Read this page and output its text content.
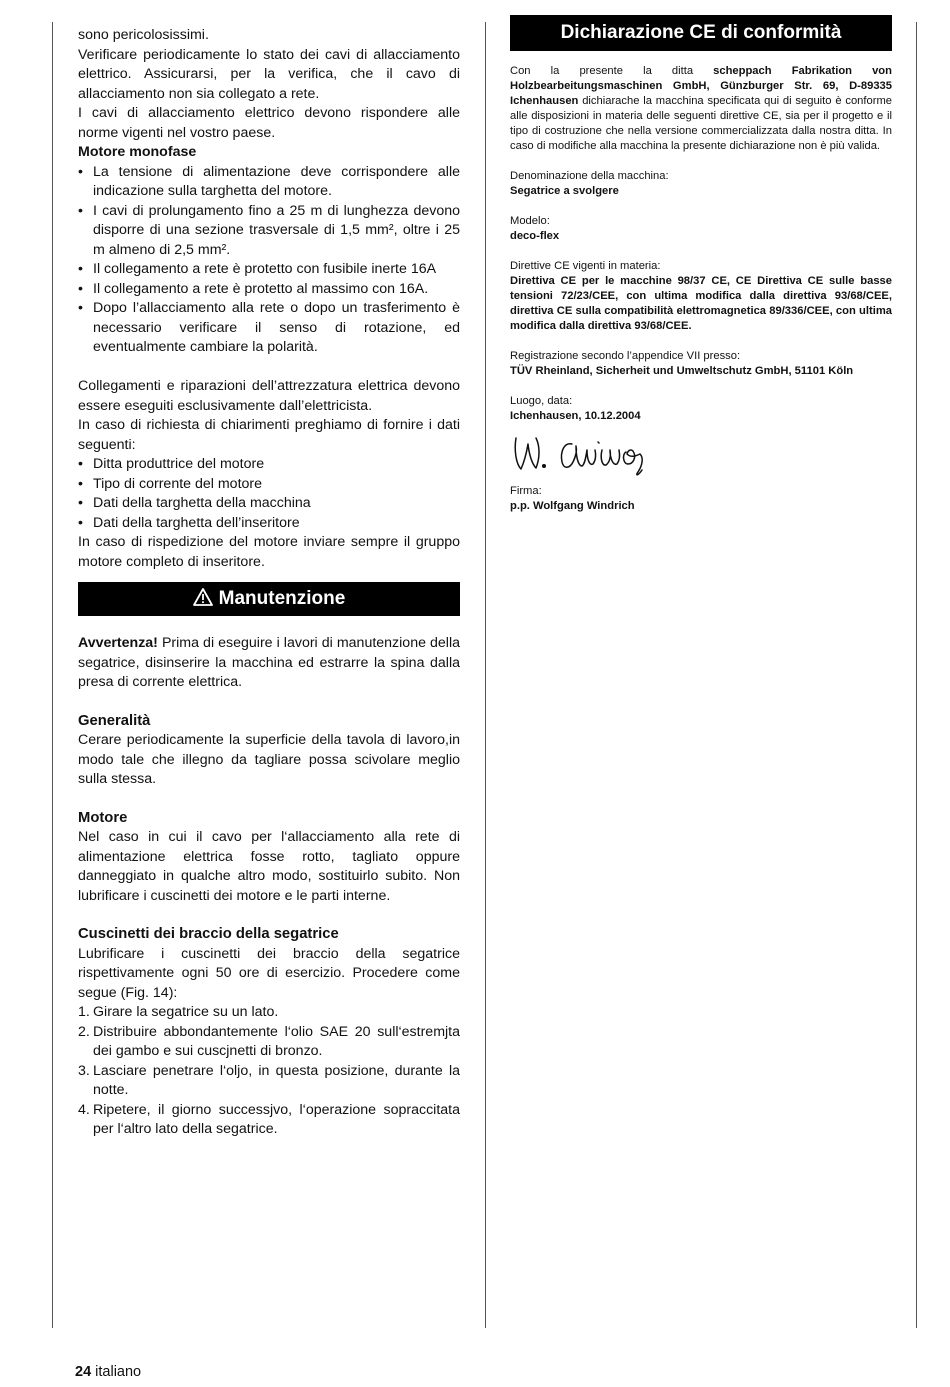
sono pericolosissimi.

Verificare periodicamente lo stato dei cavi di allacciamento elettrico. Assicurarsi, per la verifica, che il cavo di allacciamento non sia collegato a rete.

I cavi di allacciamento elettrico devono rispondere alle norme vigenti nel vostro paese.

Motore monofase
• La tensione di alimentazione deve corrispondere alle indicazione sulla targhetta del motore.
• I cavi di prolungamento fino a 25 m di lunghezza devono disporre di una sezione trasversale di 1,5 mm², oltre i 25 m almeno di 2,5 mm².
• Il collegamento a rete è protetto con fusibile inerte 16A
• Il collegamento a rete è protetto al massimo con 16A.
• Dopo l’allacciamento alla rete o dopo un trasferimento è necessario verificare il senso di rotazione, ed eventualmente cambiare la polarità.

Collegamenti e riparazioni dell’attrezzatura elettrica devono essere eseguiti esclusivamente dall’elettricista.

In caso di richiesta di chiarimenti preghiamo di fornire i dati seguenti:

• Ditta produttrice del motore
• Tipo di corrente del motore
• Dati della targhetta della macchina
• Dati della targhetta dell’inseritore

In caso di rispedizione del motore inviare sempre il gruppo motore completo di inseritore.

Manutenzione

Avvertenza! Prima di eseguire i lavori di manutenzione della segatrice, disinserire la macchina ed estrarre la spina dalla presa di corrente elettrica.

Generalità

Cerare periodicamente la superficie della tavola di lavoro,in modo tale che illegno da tagliare possa scivolare meglio sulla stessa.

Motore

Nel caso in cui il cavo per l‘allacciamento alla rete di alimentazione elettrica fosse rotto, tagliato oppure danneggiato in qualche altro modo, sostituirlo subito. Non lubrificare i cuscinetti dei motore e le parti interne.

Cuscinetti dei braccio della segatrice

Lubrificare i cuscinetti dei braccio della segatrice rispettivamente ogni 50 ore di esercizio. Procedere come segue (Fig. 14):

1. Girare la segatrice su un lato.
2. Distribuire abbondantemente l‘olio SAE 20 sull‘estremjta dei gambo e sui cuscjnetti di bronzo.
3. Lasciare penetrare l‘oljo, in questa posizione, durante la notte.
4. Ripetere, il giorno successjvo, l‘operazione sopraccitata per l‘altro lato della segatrice.
Dichiarazione CE di conformità

Con la presente la ditta scheppach Fabrikation von Holzbearbeitungsmaschinen GmbH, Günzburger Str. 69, D-89335 Ichenhausen dichiarache la macchina specificata qui di seguito è conforme alle disposizioni in materia delle seguenti direttive CE, sia per il progetto e il tipo di costruzione che nella versione commercializzata dalla nostra ditta. In caso di modifiche alla macchina la presente dichiarazione non è più valida.

Denominazione della macchina:
Segatrice a svolgere
Modelo:
deco-flex
Direttive CE vigenti in materia:

Direttiva CE per le macchine 98/37 CE, CE Direttiva CE sulle basse tensioni 72/23/CEE, con ultima modifica dalla direttiva 93/68/CEE, direttiva CE sulla compatibilità elettromagnetica 89/336/CEE, con ultima modifica dalla direttiva 93/68/CEE.

Registrazione secondo l’appendice VII presso:
TÜV Rheinland, Sicherheit und Umweltschutz GmbH, 51101 Köln
Luogo, data:
Ichenhausen, 10.12.2004
Firma:
p.p. Wolfgang Windrich
24 italiano
